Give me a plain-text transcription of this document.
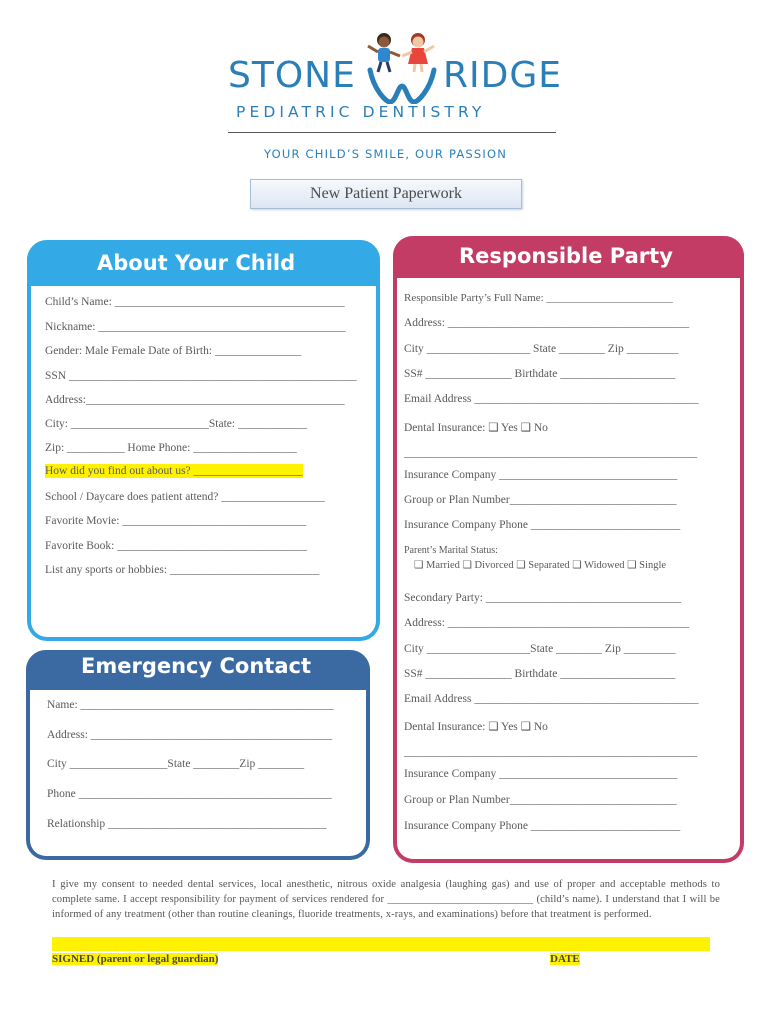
STONE RIDGE
PEDIATRIC DENTISTRY
YOUR CHILD’S SMILE, OUR PASSION
New Patient Paperwork
About Your Child
Child’s Name: ________________________________________
Nickname: ___________________________________________
Gender: Male Female Date of Birth: _______________
SSN __________________________________________________
Address:_____________________________________________
City: ________________________State: ____________
Zip: __________ Home Phone: __________________
How did you find out about us? ___________________
School / Daycare does patient attend? __________________
Favorite Movie: ________________________________
Favorite Book: _________________________________
List any sports or hobbies: __________________________
Responsible Party
Responsible Party’s Full Name: _______________________
Address: __________________________________________
City __________________ State ________ Zip _________
SS# _______________ Birthdate ____________________
Email Address _______________________________________
Dental Insurance: ❑ Yes ❑ No
___________________________________________________
Insurance Company _______________________________
Group or Plan Number_____________________________
Insurance Company Phone __________________________
Parent’s Marital Status:
❑ Married ❑ Divorced ❑ Separated ❑ Widowed ❑ Single
Secondary Party: __________________________________
Address: __________________________________________
City __________________State ________ Zip _________
SS# _______________ Birthdate ____________________
Email Address _______________________________________
Dental Insurance: ❑ Yes ❑ No
___________________________________________________
Insurance Company _______________________________
Group or Plan Number_____________________________
Insurance Company Phone __________________________
Emergency Contact
Name: ____________________________________________
Address: __________________________________________
City _________________State ________Zip ________
Phone ____________________________________________
Relationship ______________________________________
I give my consent to needed dental services, local anesthetic, nitrous oxide analgesia (laughing gas) and use of proper and acceptable methods to complete same. I accept responsibility for payment of services rendered for ___________________________ (child’s name). I understand that I will be informed of any treatment (other than routine cleanings, fluoride treatments, x-rays, and examinations) before that treatment is performed.
SIGNED (parent or legal guardian)	DATE
